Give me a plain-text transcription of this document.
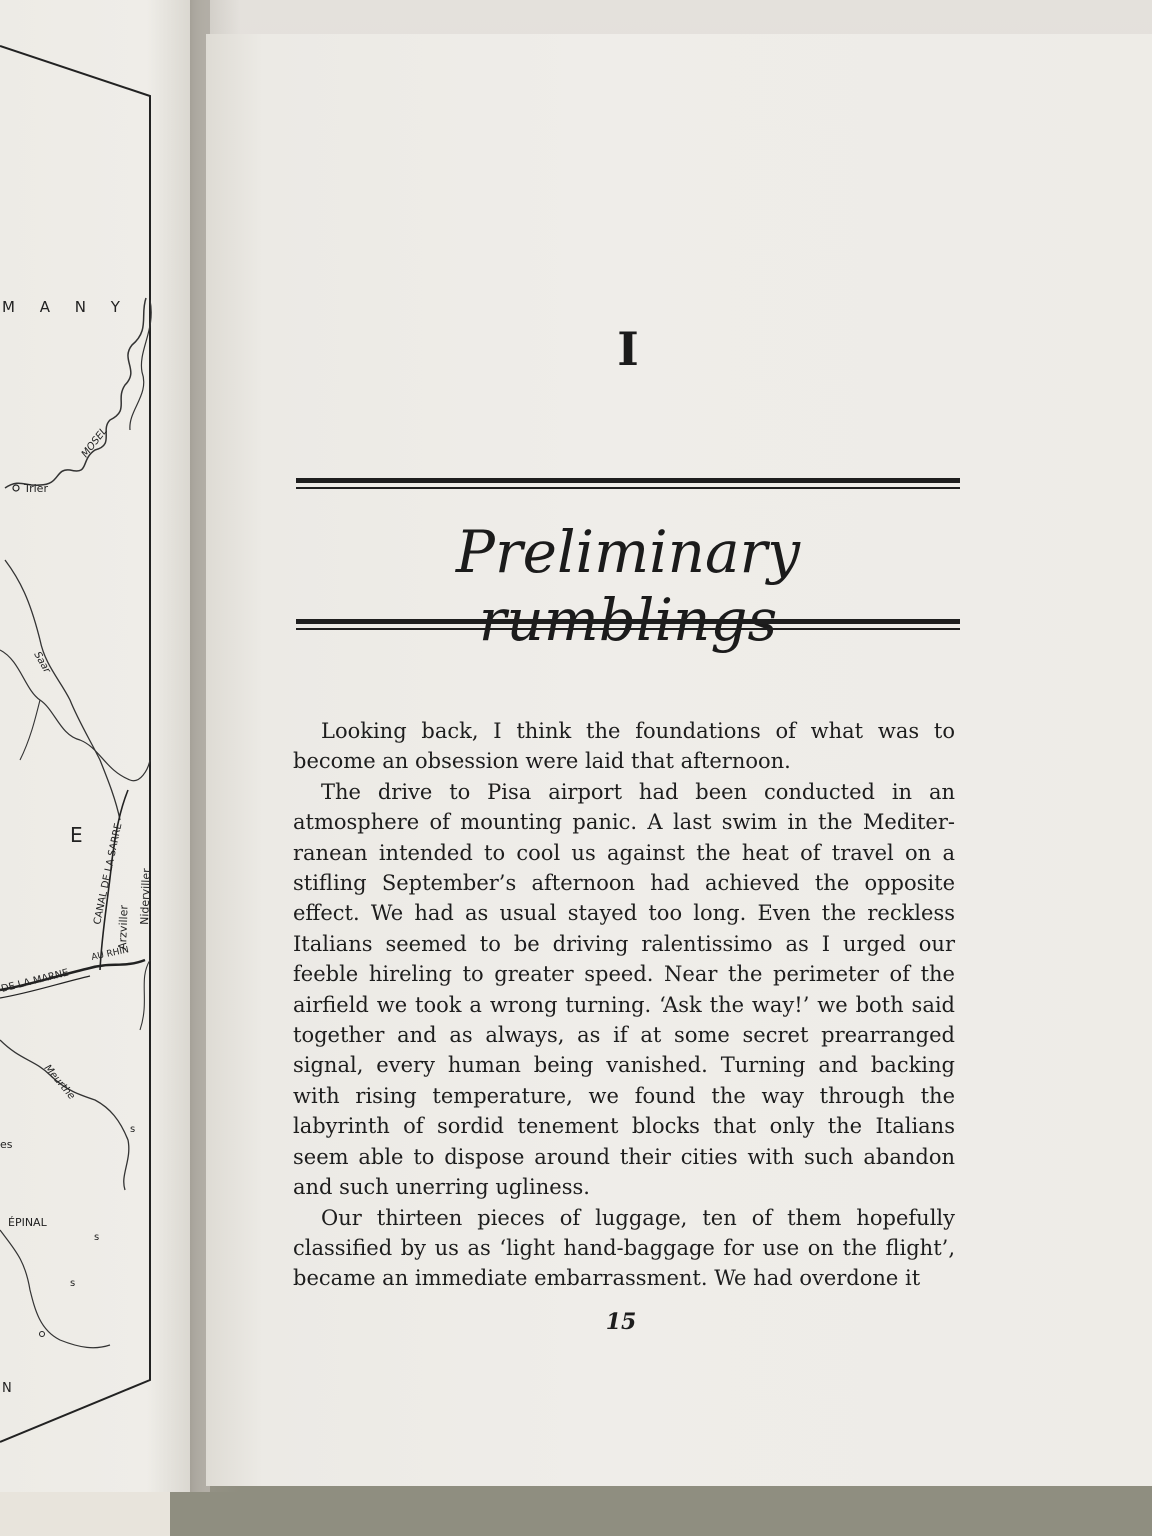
M A N Y
E
MOSEL
Trier
Saar
CANAL DE LA SARRE
Arzviller
Niderviller
DE LA MARNE
AU RHIN
Meurthe
ÉPINAL
es
N
s
s
s
I
Preliminary

Looking back, I think the foundations of what was to become an obsession were laid that afternoon.

The drive to Pisa airport had been conducted in an atmosphere of mounting panic. A last swim in the Mediter-ranean intended to cool us against the heat of travel on a stifling September’s afternoon had achieved the opposite effect. We had as usual stayed too long. Even the reckless Italians seemed to be driving ralentissimo as I urged our feeble hireling to greater speed. Near the perimeter of the airfield we took a wrong turning. ‘Ask the way!’ we both said together and as always, as if at some secret prearranged signal, every human being vanished. Turning and backing with rising temperature, we found the way through the labyrinth of sordid tenement blocks that only the Italians seem able to dispose around their cities with such abandon and such unerring ugliness.

Our thirteen pieces of luggage, ten of them hopefully classified by us as ‘light hand-baggage for use on the flight’, became an immediate embarrassment. We had overdone it

15
